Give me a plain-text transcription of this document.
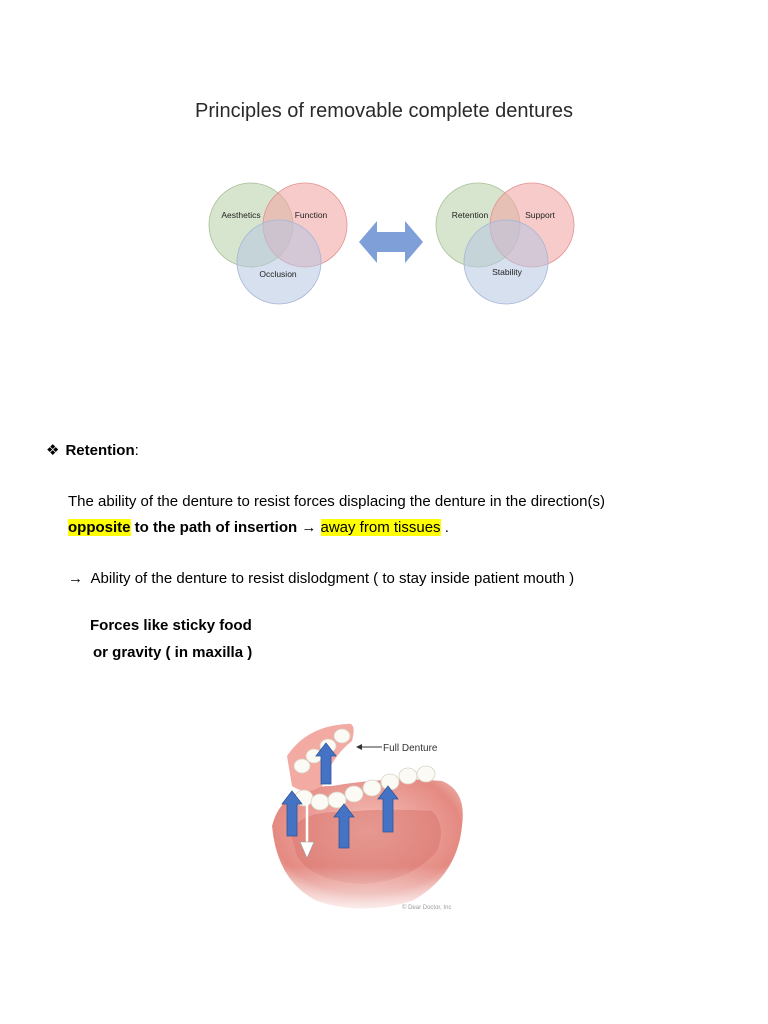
Principles of removable complete dentures
Aesthetics	Function
Occlusion
Retention	Support
Stability
❖ Retention:
The ability of the denture to resist forces displacing the denture in the direction(s)
opposite to the path of insertion → away from tissues .
→ Ability of the denture to resist dislodgment ( to stay inside patient mouth )
Forces like sticky food
or gravity ( in maxilla )
Full Denture
© Dear Doctor, Inc
